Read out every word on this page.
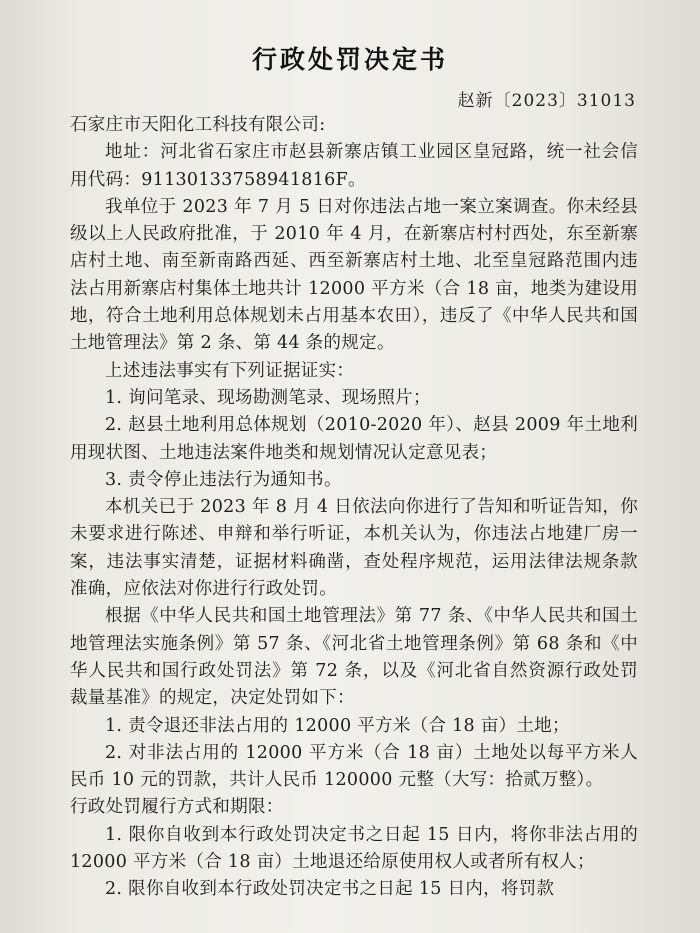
行政处罚决定书
赵新〔2023〕31013

石家庄市天阳化工科技有限公司:

地址：河北省石家庄市赵县新寨店镇工业园区皇冠路，统一社会信用代码：91130133758941816F。

我单位于 2023 年 7 月 5 日对你违法占地一案立案调查。你未经县级以上人民政府批准，于 2010 年 4 月，在新寨店村村西处，东至新寨店村土地、南至新南路西延、西至新寨店村土地、北至皇冠路范围内违法占用新寨店村集体土地共计 12000 平方米（合 18 亩，地类为建设用地，符合土地利用总体规划未占用基本农田），违反了《中华人民共和国土地管理法》第 2 条、第 44 条的规定。

上述违法事实有下列证据证实：

1. 询问笔录、现场勘测笔录、现场照片；

2. 赵县土地利用总体规划（2010-2020 年）、赵县 2009 年土地利用现状图、土地违法案件地类和规划情况认定意见表；

3. 责令停止违法行为通知书。

本机关已于 2023 年 8 月 4 日依法向你进行了告知和听证告知，你未要求进行陈述、申辩和举行听证，本机关认为，你违法占地建厂房一案，违法事实清楚，证据材料确凿，查处程序规范，运用法律法规条款准确，应依法对你进行行政处罚。

根据《中华人民共和国土地管理法》第 77 条、《中华人民共和国土地管理法实施条例》第 57 条、《河北省土地管理条例》第 68 条和《中华人民共和国行政处罚法》第 72 条，以及《河北省自然资源行政处罚裁量基准》的规定，决定处罚如下：

1. 责令退还非法占用的 12000 平方米（合 18 亩）土地；

2. 对非法占用的 12000 平方米（合 18 亩）土地处以每平方米人民币 10 元的罚款，共计人民币 120000 元整（大写：拾贰万整）。

行政处罚履行方式和期限：

1. 限你自收到本行政处罚决定书之日起 15 日内，将你非法占用的 12000 平方米（合 18 亩）土地退还给原使用权人或者所有权人；

2. 限你自收到本行政处罚决定书之日起 15 日内，将罚款
